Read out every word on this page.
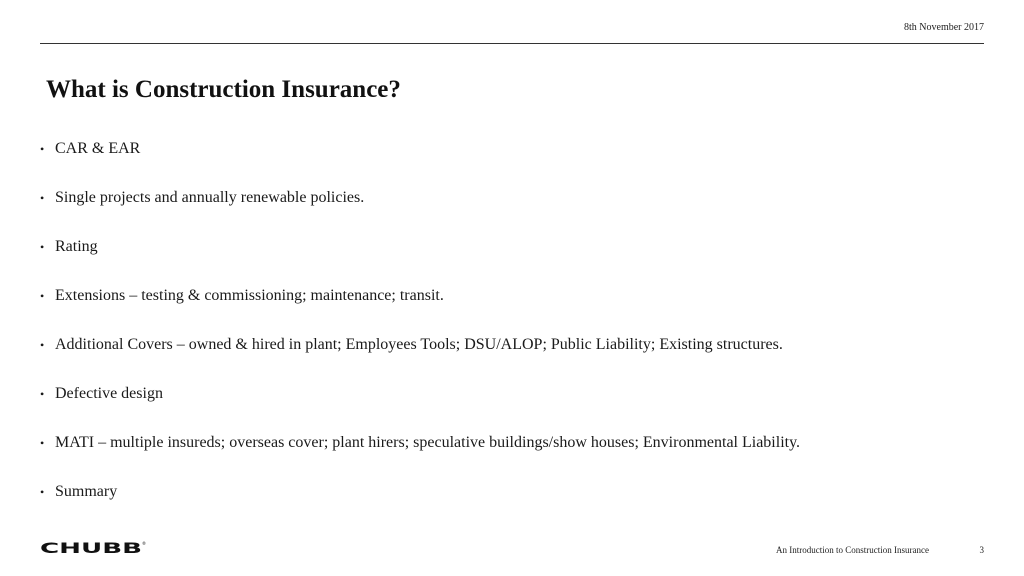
8th November 2017
What is Construction Insurance?
• CAR & EAR
• Single projects and annually renewable policies.
• Rating
• Extensions – testing & commissioning; maintenance; transit.
• Additional Covers – owned & hired in plant; Employees Tools; DSU/ALOP; Public Liability; Existing structures.
• Defective design
• MATI – multiple insureds; overseas cover; plant hirers; speculative buildings/show houses; Environmental Liability.
• Summary
CHUBB ®
An Introduction to Construction Insurance	3
